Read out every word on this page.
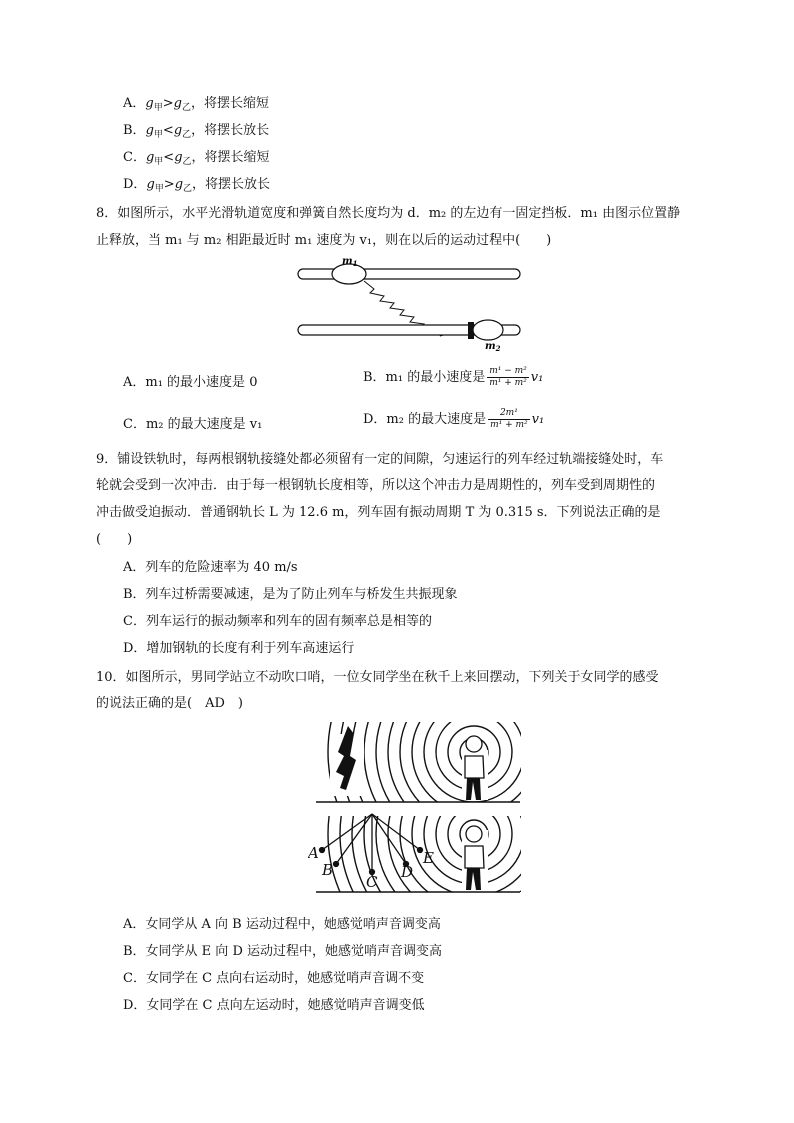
A．$g_甲>g_乙$，将摆长缩短
B．$g_甲<g_乙$，将摆长放长
C．$g_甲<g_乙$，将摆长缩短
D．$g_甲>g_乙$，将摆长放长
8．如图所示，水平光滑轨道宽度和弹簧自然长度均为 d．m₂ 的左边有一固定挡板．m₁ 由图示位置静
止释放，当 m₁ 与 m₂ 相距最近时 m₁ 速度为 v₁，则在以后的运动过程中(　　)
$m_1$
$m_2$
A．m₁ 的最小速度是 0	B．m₁ 的最小速度是 $\frac{\text{m¹ − m²}}{\text{m¹ + m²}} v_1$
C．m₂ 的最大速度是 v₁	D．m₂ 的最大速度是 $\frac{\text{2m¹}}{\text{m¹ + m²}} v_1$
9．铺设铁轨时，每两根钢轨接缝处都必须留有一定的间隙，匀速运行的列车经过轨端接缝处时，车
轮就会受到一次冲击．由于每一根钢轨长度相等，所以这个冲击力是周期性的，列车受到周期性的
冲击做受迫振动．普通钢轨长 L 为 12.6 m，列车固有振动周期 T 为 0.315 s．下列说法正确的是
(　　)
A．列车的危险速率为 40 m/s
B．列车过桥需要减速，是为了防止列车与桥发生共振现象
C．列车运行的振动频率和列车的固有频率总是相等的
D．增加钢轨的长度有利于列车高速运行
10．如图所示，男同学站立不动吹口哨，一位女同学坐在秋千上来回摆动，下列关于女同学的感受
的说法正确的是(　AD　)
A
B
C
D
E
A．女同学从 A 向 B 运动过程中，她感觉哨声音调变高
B．女同学从 E 向 D 运动过程中，她感觉哨声音调变高
C．女同学在 C 点向右运动时，她感觉哨声音调不变
D．女同学在 C 点向左运动时，她感觉哨声音调变低
